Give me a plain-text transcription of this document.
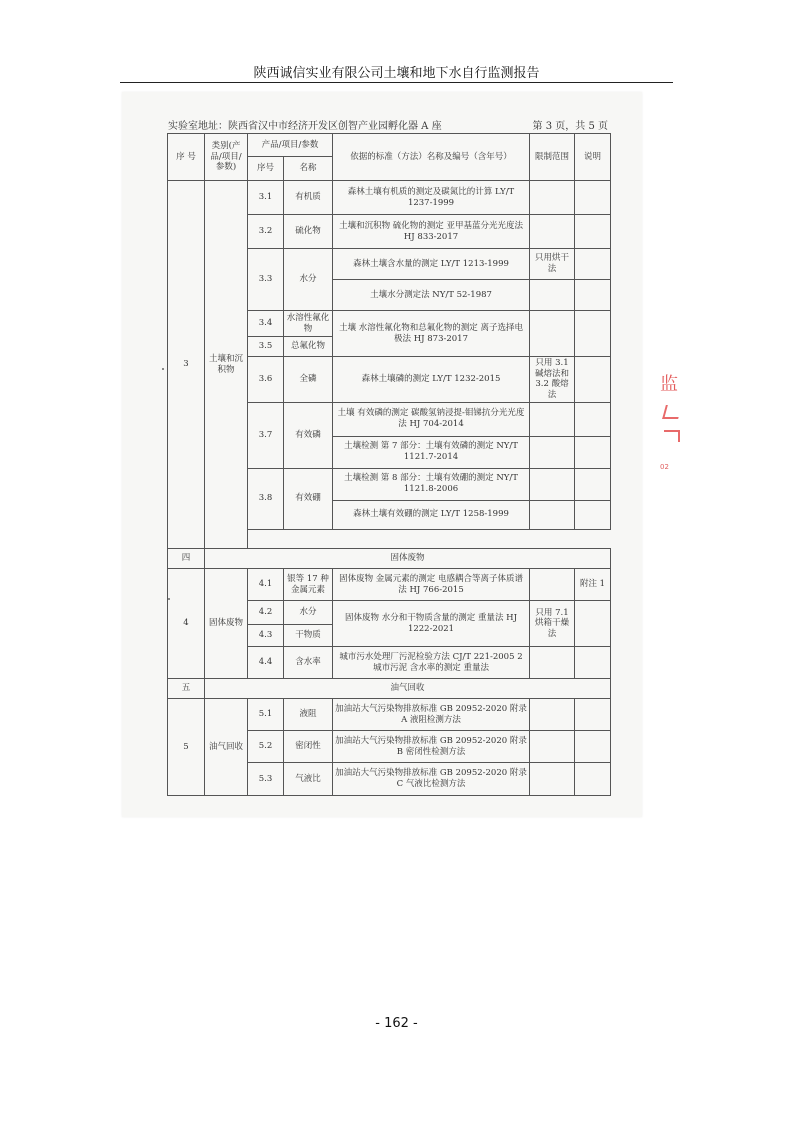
陕西诚信实业有限公司土壤和地下水自行监测报告
实验室地址：陕西省汉中市经济开发区创智产业园孵化器 A 座	第 3 页，共 5 页
序 号	类别(产品/项目/参数)	产品/项目/参数		依据的标准（方法）名称及编号（含年号）	限制范围	说明
		序号	名称			
3	土壤和沉积物	3.1	有机质	森林土壤有机质的测定及碳氮比的计算 LY/T 1237-1999		
		3.2	硫化物	土壤和沉积物 硫化物的测定 亚甲基蓝分光光度法 HJ 833-2017		
		3.3	水分	森林土壤含水量的测定 LY/T 1213-1999	只用烘干法	
				土壤水分测定法 NY/T 52-1987		
		3.4	水溶性氟化物	土壤 水溶性氟化物和总氟化物的测定 离子选择电极法 HJ 873-2017		
		3.5	总氟化物			
		3.6	全磷	森林土壤磷的测定 LY/T 1232-2015	只用 3.1 碱熔法和 3.2 酸熔法	
		3.7	有效磷	土壤 有效磷的测定 碳酸氢钠浸提-钼锑抗分光光度法 HJ 704-2014		
				土壤检测 第 7 部分：土壤有效磷的测定 NY/T 1121.7-2014		
		3.8	有效硼	土壤检测 第 8 部分：土壤有效硼的测定 NY/T 1121.8-2006		
				森林土壤有效硼的测定 LY/T 1258-1999		

四	固体废物					
4	固体废物	4.1	银等 17 种金属元素	固体废物 金属元素的测定 电感耦合等离子体质谱法 HJ 766-2015		附注 1
		4.2	水分	固体废物 水分和干物质含量的测定 重量法 HJ 1222-2021	只用 7.1 烘箱干燥法	
		4.3	干物质			
		4.4	含水率	城市污水处理厂污泥检验方法 CJ/T 221-2005 2 城市污泥 含水率的测定 重量法		
五	油气回收					
5	油气回收	5.1	液阻	加油站大气污染物排放标准 GB 20952-2020 附录 A 液阻检测方法		
		5.2	密闭性	加油站大气污染物排放标准 GB 20952-2020 附录 B 密闭性检测方法		
		5.3	气液比	加油站大气污染物排放标准 GB 20952-2020 附录 C 气液比检测方法		
监
02
- 162 -
